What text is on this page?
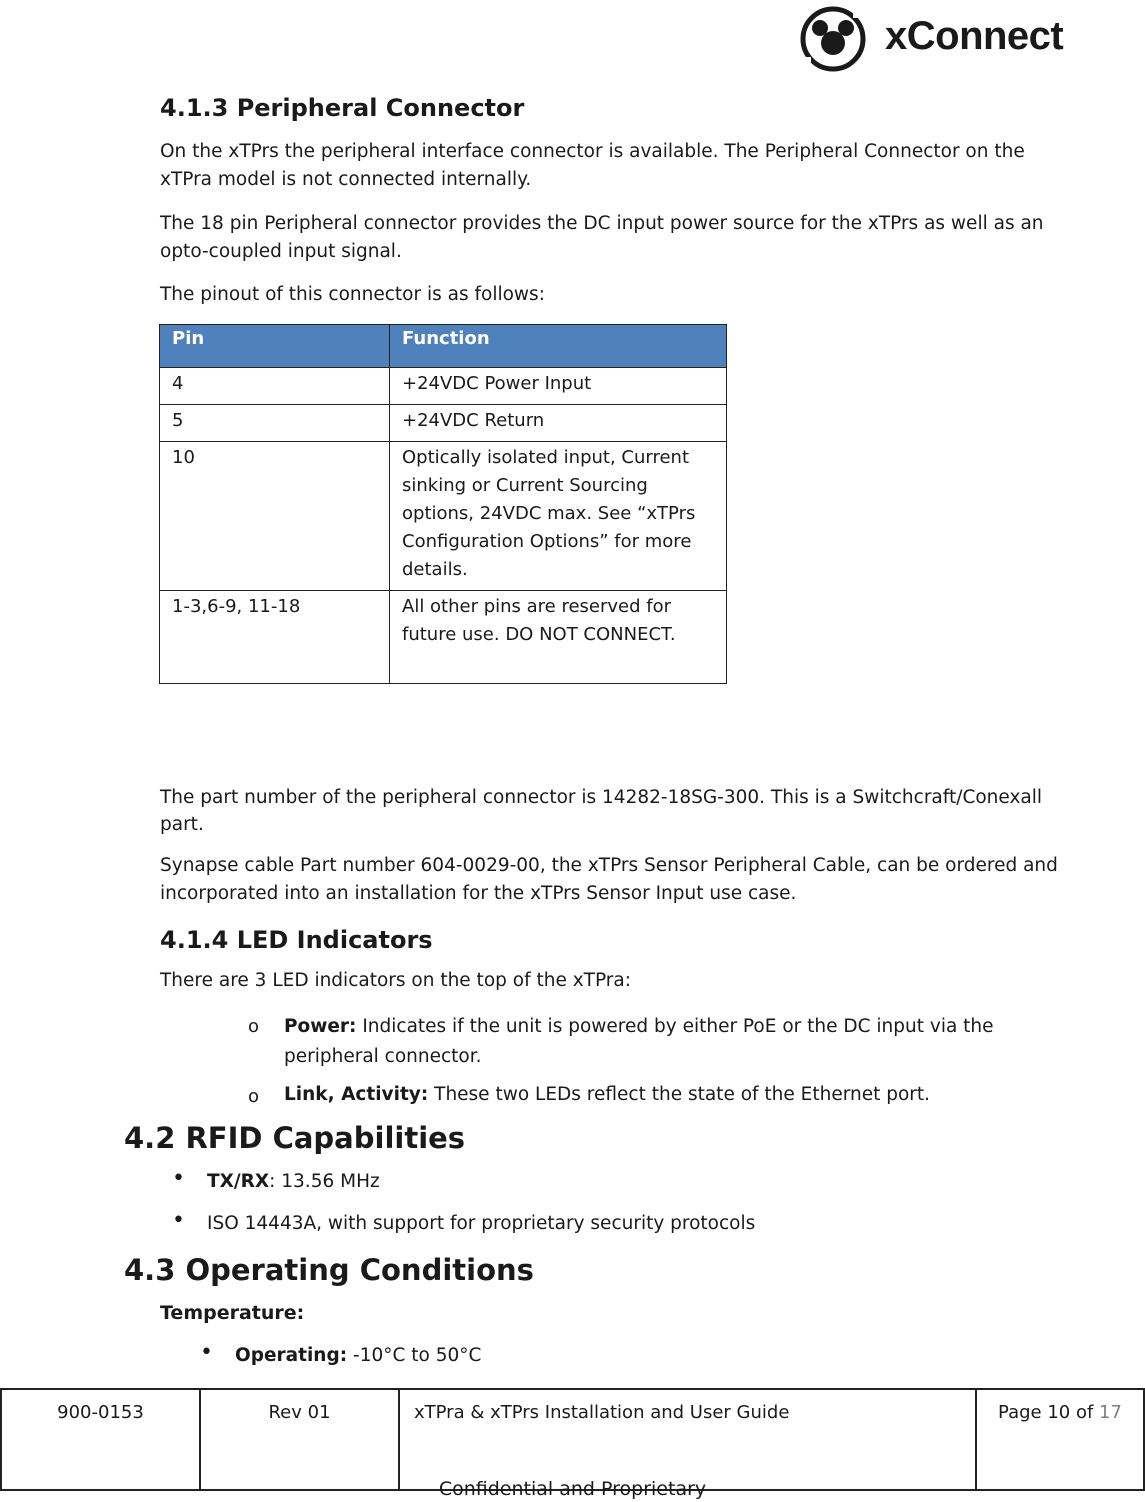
xConnect
4.1.3 Peripheral Connector
On the xTPrs the peripheral interface connector is available. The Peripheral Connector on the xTPra model is not connected internally.
The 18 pin Peripheral connector provides the DC input power source for the xTPrs as well as an opto-coupled input signal.
The pinout of this connector is as follows:
Pin	Function
4	+24VDC Power Input
5	+24VDC Return
10	Optically isolated input, Current sinking or Current Sourcing options, 24VDC max. See “xTPrs Configuration Options” for more details.
1-3,6-9, 11-18	All other pins are reserved for future use. DO NOT CONNECT.
The part number of the peripheral connector is 14282-18SG-300. This is a Switchcraft/Conexall part.
Synapse cable Part number 604-0029-00, the xTPrs Sensor Peripheral Cable, can be ordered and incorporated into an installation for the xTPrs Sensor Input use case.
4.1.4 LED Indicators
There are 3 LED indicators on the top of the xTPra:
o Power: Indicates if the unit is powered by either PoE or the DC input via the peripheral connector.
o Link, Activity: These two LEDs reflect the state of the Ethernet port.
4.2 RFID Capabilities
• TX/RX: 13.56 MHz
• ISO 14443A, with support for proprietary security protocols
4.3 Operating Conditions
Temperature:
• Operating: -10°C to 50°C
900-0153	Rev 01	xTPra & xTPrs Installation and User Guide	Page 10 of 17
Confidential and Proprietary
